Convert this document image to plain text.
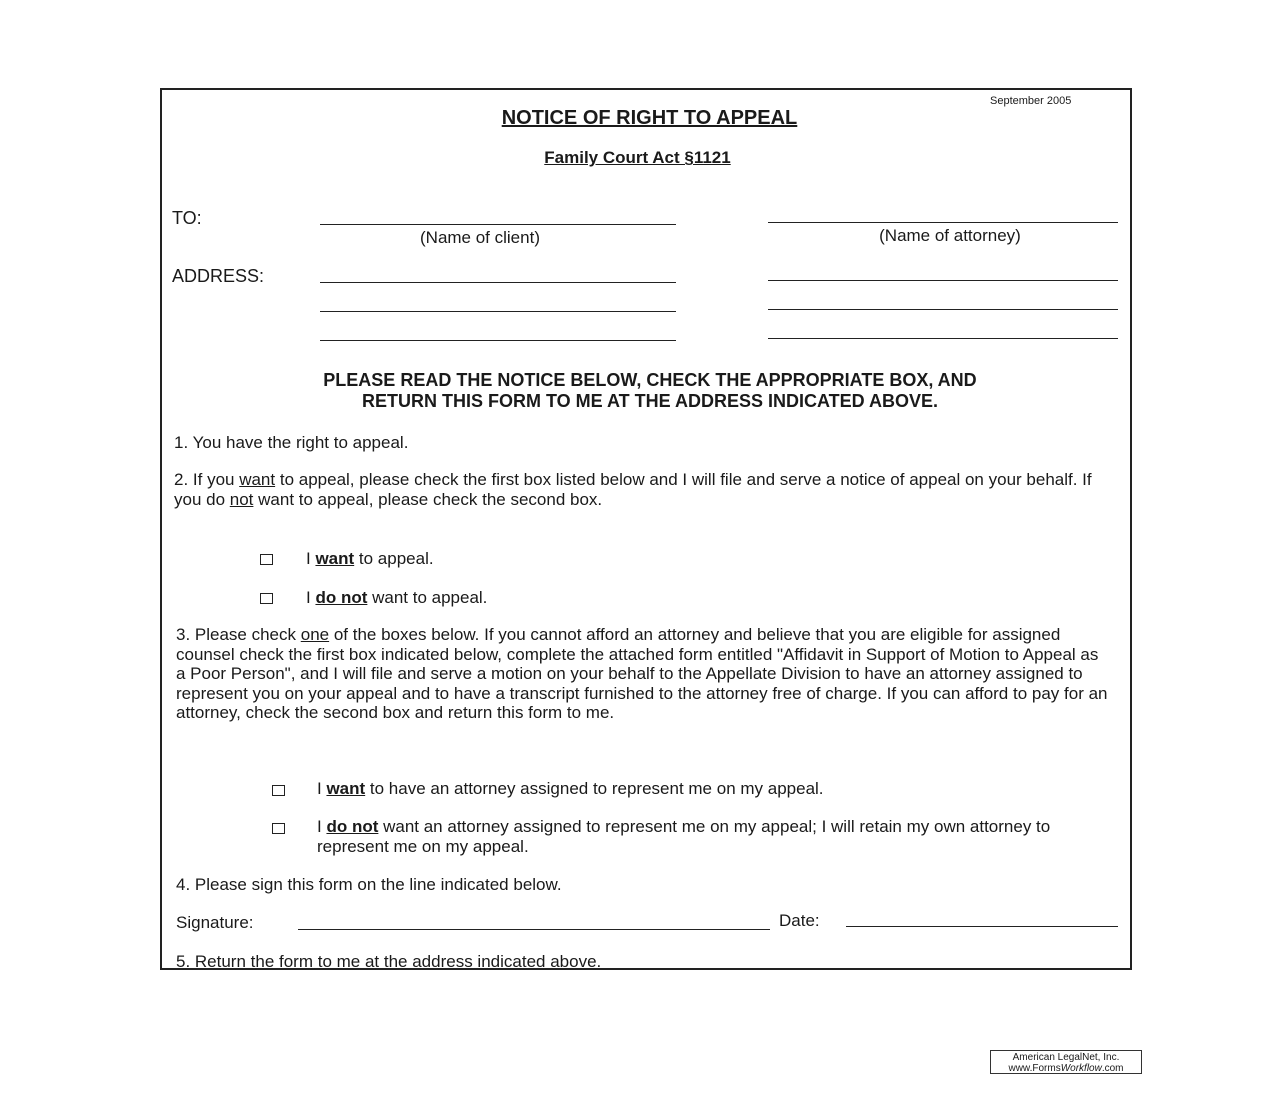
September 2005
NOTICE OF RIGHT TO APPEAL
Family Court Act §1121
TO:
(Name of client)	(Name of attorney)
ADDRESS:
PLEASE READ THE NOTICE BELOW, CHECK THE APPROPRIATE BOX, AND
RETURN THIS FORM TO ME AT THE ADDRESS INDICATED ABOVE.
1. You have the right to appeal.
2. If you want to appeal, please check the first box listed below and I will file and serve a notice of appeal on your behalf. If you do not want to appeal, please check the second box.
I want to appeal.
I do not want to appeal.
3. Please check one of the boxes below. If you cannot afford an attorney and believe that you are eligible for assigned counsel check the first box indicated below, complete the attached form entitled "Affidavit in Support of Motion to Appeal as a Poor Person", and I will file and serve a motion on your behalf to the Appellate Division to have an attorney assigned to represent you on your appeal and to have a transcript furnished to the attorney free of charge. If you can afford to pay for an attorney, check the second box and return this form to me.
I want to have an attorney assigned to represent me on my appeal.
I do not want an attorney assigned to represent me on my appeal; I will retain my own attorney to represent me on my appeal.
4. Please sign this form on the line indicated below.
Signature:	Date:
5. Return the form to me at the address indicated above.
American LegalNet, Inc.
www.FormsWorkflow.com
